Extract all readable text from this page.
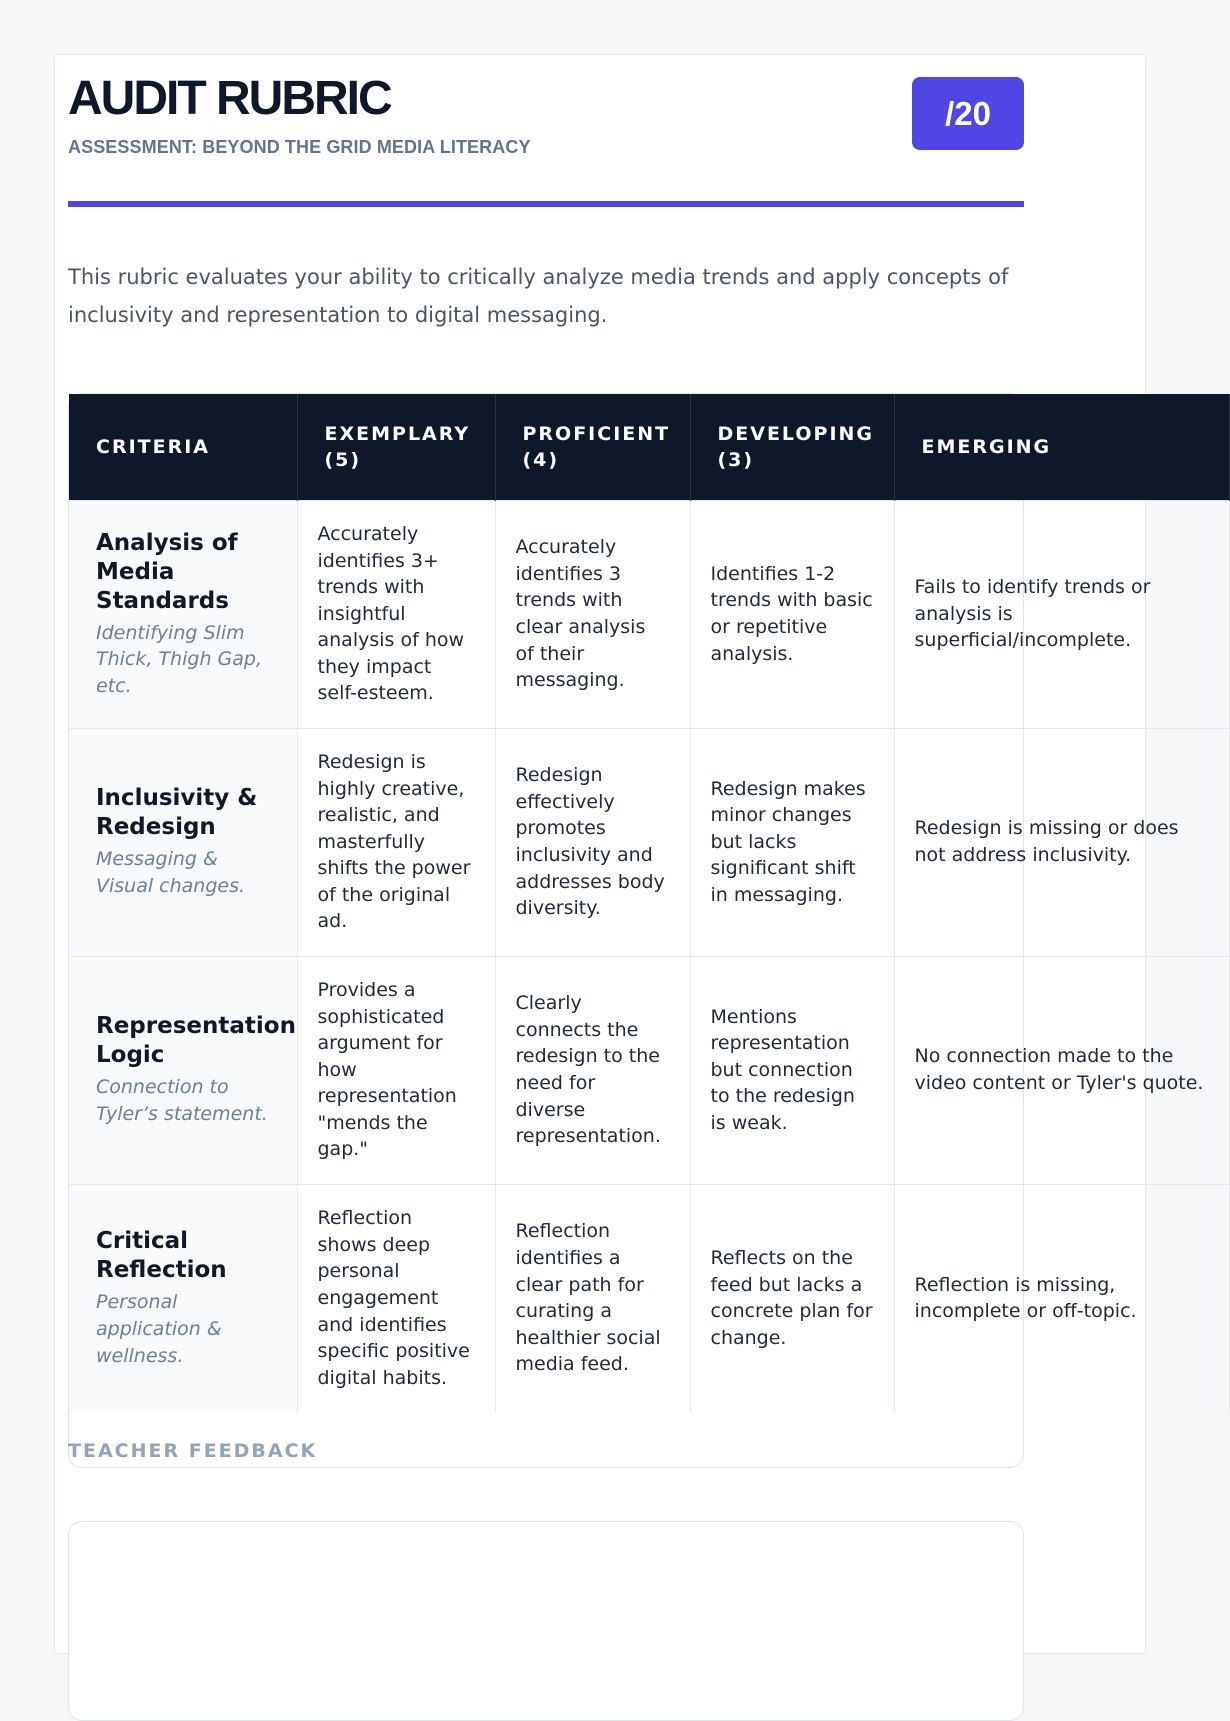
AUDIT RUBRIC
ASSESSMENT: BEYOND THE GRID MEDIA LITERACY
/20

This rubric evaluates your ability to critically analyze media trends and apply concepts of inclusivity and representation to digital messaging.

CRITERIA	EXEMPLARY (5)	PROFICIENT (4)	DEVELOPING (3)	EMERGING

Analysis of Media Standards
Identifying Slim Thick, Thigh Gap, etc.	Accurately identifies 3+ trends with insightful analysis of how they impact self-esteem.	Accurately identifies 3 trends with clear analysis of their messaging.	Identifies 1-2 trends with basic or repetitive analysis.	Fails to identify trends or analysis is superficial/incomplete.

Inclusivity & Redesign
Messaging & Visual changes.	Redesign is highly creative, realistic, and masterfully shifts the power of the original ad.	Redesign effectively promotes inclusivity and addresses body diversity.	Redesign makes minor changes but lacks significant shift in messaging.	Redesign is missing or does not address inclusivity.

Representation Logic
Connection to Tyler’s statement.	Provides a sophisticated argument for how representation "mends the gap."	Clearly connects the redesign to the need for diverse representation.	Mentions representation but connection to the redesign is weak.	No connection made to the video content or Tyler's quote.

Critical Reflection
Personal application & wellness.	Reflection shows deep personal engagement and identifies specific positive digital habits.	Reflection identifies a clear path for curating a healthier social media feed.	Reflects on the feed but lacks a concrete plan for change.	Reflection is missing, incomplete or off-topic.
TEACHER FEEDBACK
